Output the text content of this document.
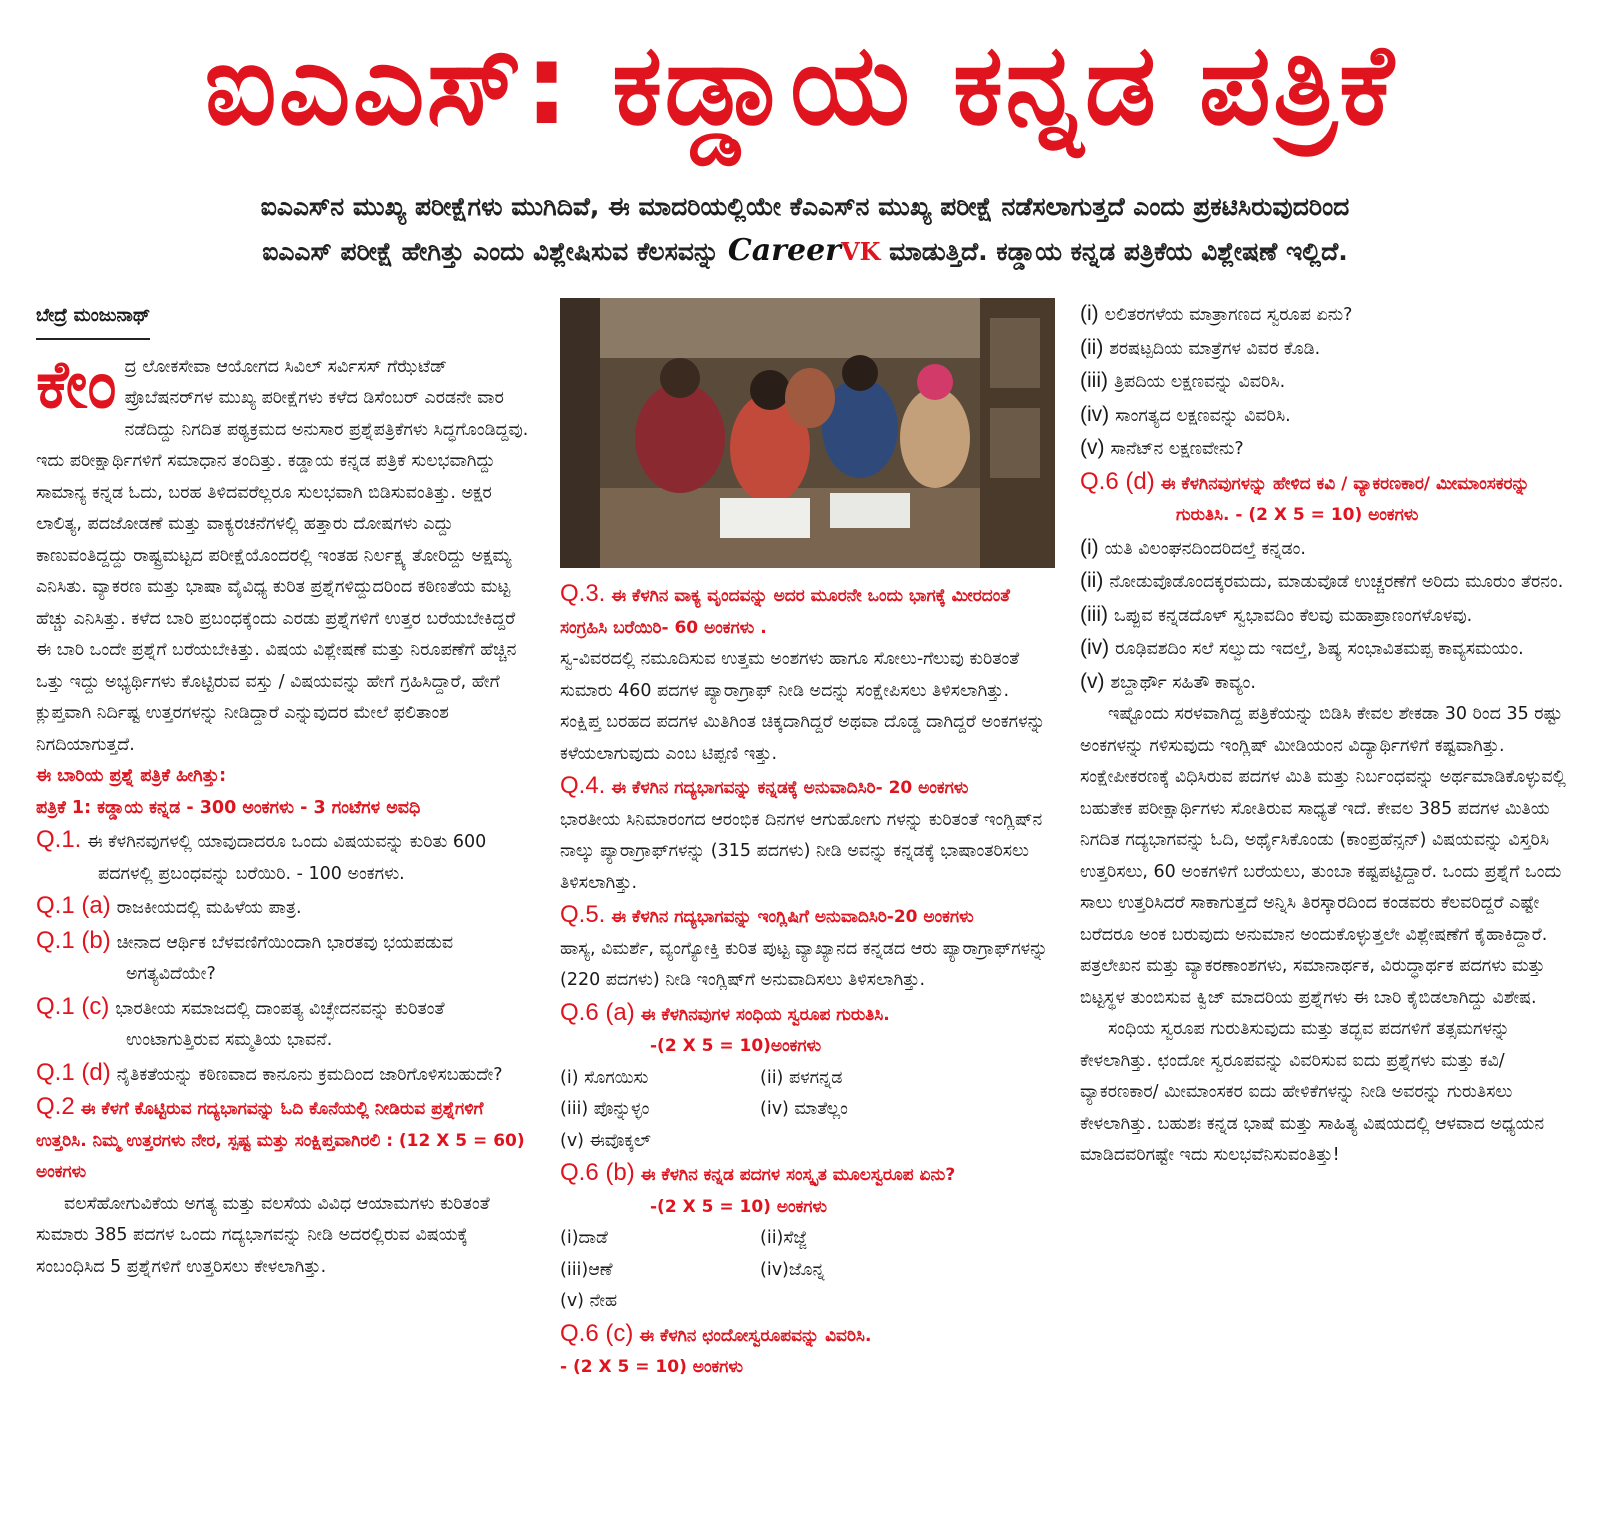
ಐಎಎಸ್: ಕಡ್ಡಾಯ ಕನ್ನಡ ಪತ್ರಿಕೆ
ಐಎಎಸ್‌ನ ಮುಖ್ಯ ಪರೀಕ್ಷೆಗಳು ಮುಗಿದಿವೆ, ಈ ಮಾದರಿಯಲ್ಲಿಯೇ ಕೆಎಎಸ್‌ನ ಮುಖ್ಯ ಪರೀಕ್ಷೆ ನಡೆಸಲಾಗುತ್ತದೆ ಎಂದು ಪ್ರಕಟಿಸಿರುವುದರಿಂದ
ಐಎಎಸ್ ಪರೀಕ್ಷೆ ಹೇಗಿತ್ತು ಎಂದು ವಿಶ್ಲೇಷಿಸುವ ಕೆಲಸವನ್ನು CareerVK ಮಾಡುತ್ತಿದೆ. ಕಡ್ಡಾಯ ಕನ್ನಡ ಪತ್ರಿಕೆಯ ವಿಶ್ಲೇಷಣೆ ಇಲ್ಲಿದೆ.
ಬೇದ್ರೆ ಮಂಜುನಾಥ್

ಕೇಂ ದ್ರ ಲೋಕಸೇವಾ ಆಯೋಗದ ಸಿವಿಲ್ ಸರ್ವಿಸಸ್ ಗೆಝೆಟೆಡ್ ಪ್ರೊಬೆಷನರ್‌ಗಳ ಮುಖ್ಯ ಪರೀಕ್ಷೆಗಳು ಕಳೆದ ಡಿಸೆಂಬರ್ ಎರಡನೇ ವಾರ ನಡೆದಿದ್ದು ನಿಗದಿತ ಪಠ್ಯಕ್ರಮದ ಅನುಸಾರ ಪ್ರಶ್ನೆಪತ್ರಿಕೆಗಳು ಸಿದ್ಧಗೊಂಡಿದ್ದವು. ಇದು ಪರೀಕ್ಷಾರ್ಥಿಗಳಿಗೆ ಸಮಾಧಾನ ತಂದಿತ್ತು. ಕಡ್ಡಾಯ ಕನ್ನಡ ಪತ್ರಿಕೆ ಸುಲಭವಾಗಿದ್ದು ಸಾಮಾನ್ಯ ಕನ್ನಡ ಓದು, ಬರಹ ತಿಳಿದವರೆಲ್ಲರೂ ಸುಲಭವಾಗಿ ಬಿಡಿಸುವಂತಿತ್ತು. ಅಕ್ಷರ ಲಾಲಿತ್ಯ, ಪದಜೋಡಣೆ ಮತ್ತು ವಾಕ್ಯರಚನೆಗಳಲ್ಲಿ ಹತ್ತಾರು ದೋಷಗಳು ಎದ್ದು ಕಾಣುವಂತಿದ್ದದ್ದು ರಾಷ್ಟ್ರಮಟ್ಟದ ಪರೀಕ್ಷೆಯೊಂದರಲ್ಲಿ ಇಂತಹ ನಿರ್ಲಕ್ಷ್ಯ ತೋರಿದ್ದು ಅಕ್ಷಮ್ಯ ಎನಿಸಿತು. ವ್ಯಾಕರಣ ಮತ್ತು ಭಾಷಾ ವೈವಿಧ್ಯ ಕುರಿತ ಪ್ರಶ್ನೆಗಳಿದ್ದುದರಿಂದ ಕಠಿಣತೆಯ ಮಟ್ಟ ಹೆಚ್ಚು ಎನಿಸಿತ್ತು. ಕಳೆದ ಬಾರಿ ಪ್ರಬಂಧಕ್ಕೆಂದು ಎರಡು ಪ್ರಶ್ನೆಗಳಿಗೆ ಉತ್ತರ ಬರೆಯಬೇಕಿದ್ದರೆ ಈ ಬಾರಿ ಒಂದೇ ಪ್ರಶ್ನೆಗೆ ಬರೆಯಬೇಕಿತ್ತು. ವಿಷಯ ವಿಶ್ಲೇಷಣೆ ಮತ್ತು ನಿರೂಪಣೆಗೆ ಹೆಚ್ಚಿನ ಒತ್ತು ಇದ್ದು ಅಭ್ಯರ್ಥಿಗಳು ಕೊಟ್ಟಿರುವ ವಸ್ತು / ವಿಷಯವನ್ನು ಹೇಗೆ ಗ್ರಹಿಸಿದ್ದಾರೆ, ಹೇಗೆ ಕ್ಲುಪ್ತವಾಗಿ ನಿರ್ದಿಷ್ಟ ಉತ್ತರಗಳನ್ನು ನೀಡಿದ್ದಾರೆ ಎನ್ನುವುದರ ಮೇಲೆ ಫಲಿತಾಂಶ ನಿಗದಿಯಾಗುತ್ತದೆ.

ಈ ಬಾರಿಯ ಪ್ರಶ್ನೆ ಪತ್ರಿಕೆ ಹೀಗಿತ್ತು:

ಪತ್ರಿಕೆ 1: ಕಡ್ಡಾಯ ಕನ್ನಡ - 300 ಅಂಕಗಳು - 3 ಗಂಟೆಗಳ ಅವಧಿ

Q.1. ಈ ಕೆಳಗಿನವುಗಳಲ್ಲಿ ಯಾವುದಾದರೂ ಒಂದು ವಿಷಯವನ್ನು ಕುರಿತು 600 ಪದಗಳಲ್ಲಿ ಪ್ರಬಂಧವನ್ನು ಬರೆಯಿರಿ. - 100 ಅಂಕಗಳು.

Q.1 (a) ರಾಜಕೀಯದಲ್ಲಿ ಮಹಿಳೆಯ ಪಾತ್ರ.

Q.1 (b) ಚೀನಾದ ಆರ್ಥಿಕ ಬೆಳವಣಿಗೆಯಿಂದಾಗಿ ಭಾರತವು ಭಯಪಡುವ ಅಗತ್ಯವಿದೆಯೇ?

Q.1 (c) ಭಾರತೀಯ ಸಮಾಜದಲ್ಲಿ ದಾಂಪತ್ಯ ವಿಚ್ಛೇದನವನ್ನು ಕುರಿತಂತೆ ಉಂಟಾಗುತ್ತಿರುವ ಸಮ್ಮತಿಯ ಭಾವನೆ.

Q.1 (d) ನೈತಿಕತೆಯನ್ನು ಕಠಿಣವಾದ ಕಾನೂನು ಕ್ರಮದಿಂದ ಜಾರಿಗೊಳಿಸಬಹುದೇ?

Q.2 ಈ ಕೆಳಗೆ ಕೊಟ್ಟಿರುವ ಗದ್ಯಭಾಗವನ್ನು ಓದಿ ಕೊನೆಯಲ್ಲಿ ನೀಡಿರುವ ಪ್ರಶ್ನೆಗಳಿಗೆ ಉತ್ತರಿಸಿ. ನಿಮ್ಮ ಉತ್ತರಗಳು ನೇರ, ಸ್ಪಷ್ಟ ಮತ್ತು ಸಂಕ್ಷಿಪ್ತವಾಗಿರಲಿ : (12 X 5 = 60) ಅಂಕಗಳು

ವಲಸೆಹೋಗುವಿಕೆಯ ಅಗತ್ಯ ಮತ್ತು ವಲಸೆಯ ವಿವಿಧ ಆಯಾಮಗಳು ಕುರಿತಂತೆ ಸುಮಾರು 385 ಪದಗಳ ಒಂದು ಗದ್ಯಭಾಗವನ್ನು ನೀಡಿ ಅದರಲ್ಲಿರುವ ವಿಷಯಕ್ಕೆ ಸಂಬಂಧಿಸಿದ 5 ಪ್ರಶ್ನೆಗಳಿಗೆ ಉತ್ತರಿಸಲು ಕೇಳಲಾಗಿತ್ತು.

Q.3. ಈ ಕೆಳಗಿನ ವಾಕ್ಯ ವೃಂದವನ್ನು ಅದರ ಮೂರನೇ ಒಂದು ಭಾಗಕ್ಕೆ ಮೀರದಂತೆ ಸಂಗ್ರಹಿಸಿ ಬರೆಯಿರಿ- 60 ಅಂಕಗಳು .

ಸ್ವ-ವಿವರದಲ್ಲಿ ನಮೂದಿಸುವ ಉತ್ತಮ ಅಂಶಗಳು ಹಾಗೂ ಸೋಲು-ಗೆಲುವು ಕುರಿತಂತೆ ಸುಮಾರು 460 ಪದಗಳ ಪ್ಯಾರಾಗ್ರಾಫ್ ನೀಡಿ ಅದನ್ನು ಸಂಕ್ಷೇಪಿಸಲು ತಿಳಿಸಲಾಗಿತ್ತು. ಸಂಕ್ಷಿಪ್ತ ಬರಹದ ಪದಗಳ ಮಿತಿಗಿಂತ ಚಿಕ್ಕದಾಗಿದ್ದರೆ ಅಥವಾ ದೊಡ್ಡ ದಾಗಿದ್ದರೆ ಅಂಕಗಳನ್ನು ಕಳೆಯಲಾಗುವುದು ಎಂಬ ಟಿಪ್ಪಣಿ ಇತ್ತು.

Q.4. ಈ ಕೆಳಗಿನ ಗದ್ಯಭಾಗವನ್ನು ಕನ್ನಡಕ್ಕೆ ಅನುವಾದಿಸಿರಿ- 20 ಅಂಕಗಳು

ಭಾರತೀಯ ಸಿನಿಮಾರಂಗದ ಆರಂಭಿಕ ದಿನಗಳ ಆಗುಹೋಗು ಗಳನ್ನು ಕುರಿತಂತೆ ಇಂಗ್ಲಿಷ್‌ನ ನಾಲ್ಕು ಪ್ಯಾರಾಗ್ರಾಫ್‌ಗಳನ್ನು (315 ಪದಗಳು) ನೀಡಿ ಅವನ್ನು ಕನ್ನಡಕ್ಕೆ ಭಾಷಾಂತರಿಸಲು ತಿಳಿಸಲಾಗಿತ್ತು.

Q.5. ಈ ಕೆಳಗಿನ ಗದ್ಯಭಾಗವನ್ನು ಇಂಗ್ಲಿಷಿಗೆ ಅನುವಾದಿಸಿರಿ-20 ಅಂಕಗಳು

ಹಾಸ್ಯ, ವಿಮರ್ಶೆ, ವ್ಯಂಗ್ಯೋಕ್ತಿ ಕುರಿತ ಪುಟ್ಟ ವ್ಯಾಖ್ಯಾನದ ಕನ್ನಡದ ಆರು ಪ್ಯಾರಾಗ್ರಾಫ್‌ಗಳನ್ನು (220 ಪದಗಳು) ನೀಡಿ ಇಂಗ್ಲಿಷ್‌ಗೆ ಅನುವಾದಿಸಲು ತಿಳಿಸಲಾಗಿತ್ತು.

Q.6 (a) ಈ ಕೆಳಗಿನವುಗಳ ಸಂಧಿಯ ಸ್ವರೂಪ ಗುರುತಿಸಿ.

-(2 X 5 = 10)ಅಂಕಗಳು

(i) ಸೊಗಯಿಸು	(ii) ಪಳಗನ್ನಡ
(iii) ಪೊನ್ನುಳ್ಳಂ	(iv) ಮಾತೆಲ್ಲಂ
(v) ಈವೊಕ್ಕಲ್

Q.6 (b) ಈ ಕೆಳಗಿನ ಕನ್ನಡ ಪದಗಳ ಸಂಸ್ಕೃತ ಮೂಲಸ್ವರೂಪ ಏನು?

-(2 X 5 = 10) ಅಂಕಗಳು

(i)ದಾಡೆ	(ii)ಸೆಜ್ಜೆ
(iii)ಆಣೆ	(iv)ಜೊನ್ನ
(v) ನೇಹ

Q.6 (c) ಈ ಕೆಳಗಿನ ಛಂದೋಸ್ವರೂಪವನ್ನು ವಿವರಿಸಿ.

- (2 X 5 = 10) ಅಂಕಗಳು

(i) ಲಲಿತರಗಳೆಯ ಮಾತ್ರಾಗಣದ ಸ್ವರೂಪ ಏನು?

(ii) ಶರಷಟ್ಪದಿಯ ಮಾತ್ರೆಗಳ ವಿವರ ಕೊಡಿ.

(iii) ತ್ರಿಪದಿಯ ಲಕ್ಷಣವನ್ನು ವಿವರಿಸಿ.

(iv) ಸಾಂಗತ್ಯದ ಲಕ್ಷಣವನ್ನು ವಿವರಿಸಿ.

(v) ಸಾನೆಟ್‌ನ ಲಕ್ಷಣವೇನು?

Q.6 (d) ಈ ಕೆಳಗಿನವುಗಳನ್ನು ಹೇಳಿದ ಕವಿ / ವ್ಯಾಕರಣಕಾರ/ ಮೀಮಾಂಸಕರನ್ನು ಗುರುತಿಸಿ. - (2 X 5 = 10) ಅಂಕಗಳು

(i) ಯತಿ ವಿಲಂಘನದಿಂದರಿದಲ್ತೆ ಕನ್ನಡಂ.

(ii) ನೋಡುವೊಡೊಂದಕ್ಕರಮದು, ಮಾಡುವೊಡೆ ಉಚ್ಚರಣೆಗೆ ಅರಿದು ಮೂರುಂ ತೆರನಂ.

(iii) ಒಪ್ಪುವ ಕನ್ನಡದೊಳ್ ಸ್ವಭಾವದಿಂ ಕೆಲವು ಮಹಾಪ್ರಾಣಂಗಳೊಳವು.

(iv) ರೂಢಿವಶದಿಂ ಸಲೆ ಸಲ್ವುದು ಇದಲ್ತೆ, ಶಿಷ್ಯ ಸಂಭಾವಿತಮಪ್ಪ ಕಾವ್ಯಸಮಯಂ.

(v) ಶಬ್ದಾರ್ಥೌ ಸಹಿತೌ ಕಾವ್ಯಂ.

ಇಷ್ಟೊಂದು ಸರಳವಾಗಿದ್ದ ಪತ್ರಿಕೆಯನ್ನು ಬಿಡಿಸಿ ಕೇವಲ ಶೇಕಡಾ 30 ರಿಂದ 35 ರಷ್ಟು ಅಂಕಗಳನ್ನು ಗಳಿಸುವುದು ಇಂಗ್ಲಿಷ್ ಮೀಡಿಯಂನ ವಿದ್ಯಾರ್ಥಿಗಳಿಗೆ ಕಷ್ಟವಾಗಿತ್ತು. ಸಂಕ್ಷೇಪೀಕರಣಕ್ಕೆ ವಿಧಿಸಿರುವ ಪದಗಳ ಮಿತಿ ಮತ್ತು ನಿರ್ಬಂಧವನ್ನು ಅರ್ಥಮಾಡಿಕೊಳ್ಳುವಲ್ಲಿ ಬಹುತೇಕ ಪರೀಕ್ಷಾರ್ಥಿಗಳು ಸೋತಿರುವ ಸಾಧ್ಯತೆ ಇದೆ. ಕೇವಲ 385 ಪದಗಳ ಮಿತಿಯ ನಿಗದಿತ ಗದ್ಯಭಾಗವನ್ನು ಓದಿ, ಅರ್ಥೈಸಿಕೊಂಡು (ಕಾಂಪ್ರಹೆನ್ಸನ್) ವಿಷಯವನ್ನು ವಿಸ್ತರಿಸಿ ಉತ್ತರಿಸಲು, 60 ಅಂಕಗಳಿಗೆ ಬರೆಯಲು, ತುಂಬಾ ಕಷ್ಟಪಟ್ಟಿದ್ದಾರೆ. ಒಂದು ಪ್ರಶ್ನೆಗೆ ಒಂದು ಸಾಲು ಉತ್ತರಿಸಿದರೆ ಸಾಕಾಗುತ್ತದೆ ಅನ್ನಿಸಿ ತಿರಸ್ಕಾರದಿಂದ ಕಂಡವರು ಕೆಲವರಿದ್ದರೆ ಎಷ್ಟೇ ಬರೆದರೂ ಅಂಕ ಬರುವುದು ಅನುಮಾನ ಅಂದುಕೊಳ್ಳುತ್ತಲೇ ವಿಶ್ಲೇಷಣೆಗೆ ಕೈಹಾಕಿದ್ದಾರೆ. ಪತ್ರಲೇಖನ ಮತ್ತು ವ್ಯಾಕರಣಾಂಶಗಳು, ಸಮಾನಾರ್ಥಕ, ವಿರುದ್ಧಾರ್ಥಕ ಪದಗಳು ಮತ್ತು ಬಿಟ್ಟಸ್ಥಳ ತುಂಬಿಸುವ ಕ್ವಿಜ್ ಮಾದರಿಯ ಪ್ರಶ್ನೆಗಳು ಈ ಬಾರಿ ಕೈಬಿಡಲಾಗಿದ್ದು ವಿಶೇಷ.

ಸಂಧಿಯ ಸ್ವರೂಪ ಗುರುತಿಸುವುದು ಮತ್ತು ತದ್ಭವ ಪದಗಳಿಗೆ ತತ್ಸಮಗಳನ್ನು ಕೇಳಲಾಗಿತ್ತು. ಛಂದೋ ಸ್ವರೂಪವನ್ನು ವಿವರಿಸುವ ಐದು ಪ್ರಶ್ನೆಗಳು ಮತ್ತು ಕವಿ/ವ್ಯಾಕರಣಕಾರ/ ಮೀಮಾಂಸಕರ ಐದು ಹೇಳಿಕೆಗಳನ್ನು ನೀಡಿ ಅವರನ್ನು ಗುರುತಿಸಲು ಕೇಳಲಾಗಿತ್ತು. ಬಹುಶಃ ಕನ್ನಡ ಭಾಷೆ ಮತ್ತು ಸಾಹಿತ್ಯ ವಿಷಯದಲ್ಲಿ ಆಳವಾದ ಅಧ್ಯಯನ ಮಾಡಿದವರಿಗಷ್ಟೇ ಇದು ಸುಲಭವೆನಿಸುವಂತಿತ್ತು!
